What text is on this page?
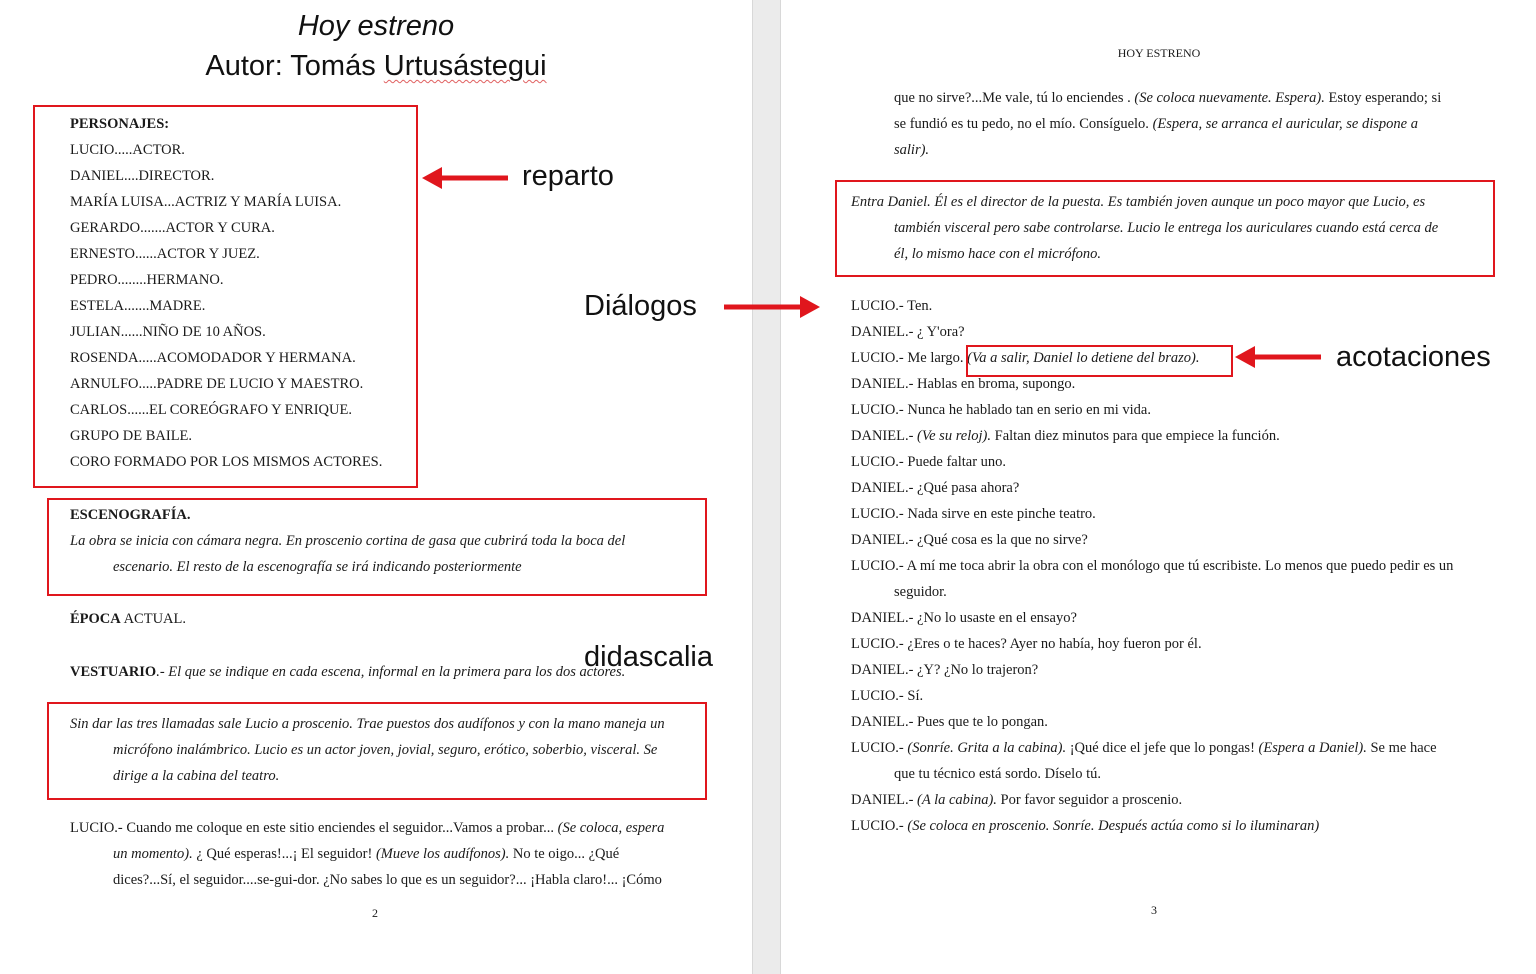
Hoy estreno
Autor: Tomás Urtusástegui
PERSONAJES:
LUCIO.....ACTOR.
DANIEL....DIRECTOR.
MARÍA LUISA...ACTRIZ Y MARÍA LUISA.
GERARDO.......ACTOR Y CURA.
ERNESTO......ACTOR Y JUEZ.
PEDRO........HERMANO.
ESTELA.......MADRE.
JULIAN......NIÑO DE 10 AÑOS.
ROSENDA.....ACOMODADOR Y HERMANA.
ARNULFO.....PADRE DE LUCIO Y MAESTRO.
CARLOS......EL COREÓGRAFO Y ENRIQUE.
GRUPO DE BAILE.
CORO FORMADO POR LOS MISMOS ACTORES.
ESCENOGRAFÍA.
La obra se inicia con cámara negra. En proscenio cortina de gasa que cubrirá toda la boca del
escenario. El resto de la escenografía se irá indicando posteriormente
ÉPOCA ACTUAL.
VESTUARIO.- El que se indique en cada escena, informal en la primera para los dos actores.
Sin dar las tres llamadas sale Lucio a proscenio. Trae puestos dos audífonos y con la mano maneja un
micrófono inalámbrico. Lucio es un actor joven, jovial, seguro, erótico, soberbio, visceral. Se
dirige a la cabina del teatro.
LUCIO.- Cuando me coloque en este sitio enciendes el seguidor...Vamos a probar... (Se coloca, espera
un momento). ¿ Qué esperas!...¡ El seguidor! (Mueve los audífonos). No te oigo... ¿Qué
dices?...Sí, el seguidor....se-gui-dor. ¿No sabes lo que es un seguidor?... ¡Habla claro!... ¡Cómo
2
HOY ESTRENO
que no sirve?...Me vale, tú lo enciendes . (Se coloca nuevamente. Espera). Estoy esperando; si
se fundió es tu pedo, no el mío. Consíguelo. (Espera, se arranca el auricular, se dispone a
salir).
Entra Daniel. Él es el director de la puesta. Es también joven aunque un poco mayor que Lucio, es
también visceral pero sabe controlarse. Lucio le entrega los auriculares cuando está cerca de
él, lo mismo hace con el micrófono.
LUCIO.- Ten.
DANIEL.- ¿ Y'ora?
LUCIO.- Me largo. (Va a salir, Daniel lo detiene del brazo).
DANIEL.- Hablas en broma, supongo.
LUCIO.- Nunca he hablado tan en serio en mi vida.
DANIEL.- (Ve su reloj). Faltan diez minutos para que empiece la función.
LUCIO.- Puede faltar uno.
DANIEL.- ¿Qué pasa ahora?
LUCIO.- Nada sirve en este pinche teatro.
DANIEL.- ¿Qué cosa es la que no sirve?
LUCIO.- A mí me toca abrir la obra con el monólogo que tú escribiste. Lo menos que puedo pedir es un
seguidor.
DANIEL.- ¿No lo usaste en el ensayo?
LUCIO.- ¿Eres o te haces? Ayer no había, hoy fueron por él.
DANIEL.- ¿Y? ¿No lo trajeron?
LUCIO.- Sí.
DANIEL.- Pues que te lo pongan.
LUCIO.- (Sonríe. Grita a la cabina). ¡Qué dice el jefe que lo pongas! (Espera a Daniel). Se me hace
que tu técnico está sordo. Díselo tú.
DANIEL.- (A la cabina). Por favor seguidor a proscenio.
LUCIO.- (Se coloca en proscenio. Sonríe. Después actúa como si lo iluminaran)
3
reparto
Diálogos
didascalia
acotaciones
